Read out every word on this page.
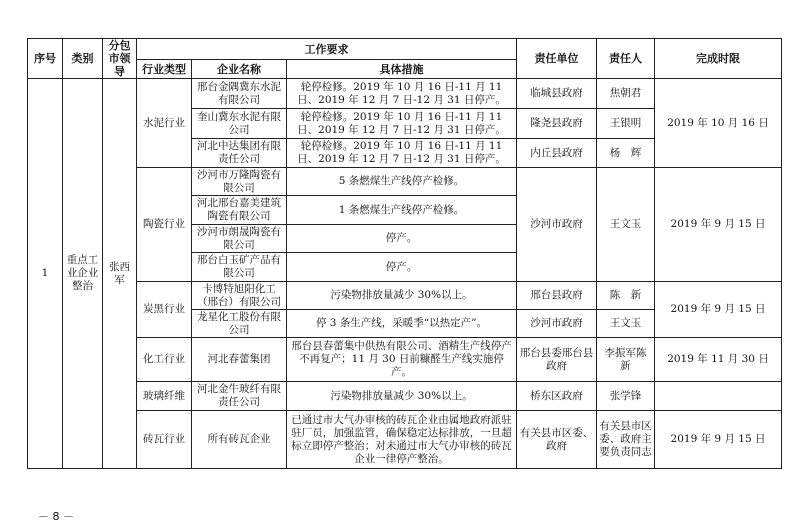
序号	类别	分包市领导	工作要求			责任单位	责任人	完成时限
			行业类型	企业名称	具体措施			
1	重点工业企业整治	张西军	水泥行业	邢台金隅冀东水泥有限公司	轮停检修。2019 年 10 月 16 日-11 月 11 日、2019 年 12 月 7 日-12 月 31 日停产。	临城县政府	焦朝君	2019 年 10 月 16 日
				奎山冀东水泥有限公司	轮停检修。2019 年 10 月 16 日-11 月 11 日、2019 年 12 月 7 日-12 月 31 日停产。	隆尧县政府	王银明	
				河北中达集团有限责任公司	轮停检修。2019 年 10 月 16 日-11 月 11 日、2019 年 12 月 7 日-12 月 31 日停产。	内丘县政府	杨　辉	
			陶瓷行业	沙河市万隆陶瓷有限公司	5 条燃煤生产线停产检修。	沙河市政府	王文玉	2019 年 9 月 15 日
				河北邢台嘉美建筑陶瓷有限公司	1 条燃煤生产线停产检修。			
				沙河市朗晟陶瓷有限公司	停产。			
				邢台白玉矿产品有限公司	停产。			
			炭黑行业	卡博特旭阳化工（邢台）有限公司	污染物排放量减少 30%以上。	邢台县政府	陈　新	2019 年 9 月 15 日
				龙星化工股份有限公司	停 3 条生产线，采暖季“以热定产”。	沙河市政府	王文玉	
			化工行业	河北春蕾集团	邢台县春蕾集中供热有限公司、酒精生产线停产不再复产；11 月 30 日前糠醛生产线实施停产。	邢台县委邢台县政府	李振军陈　新	2019 年 11 月 30 日
			玻璃纤维	河北金牛玻纤有限责任公司	污染物排放量减少 30%以上。	桥东区政府	张学锋	
			砖瓦行业	所有砖瓦企业	已通过市大气办审核的砖瓦企业由属地政府派驻驻厂员，加强监管，确保稳定达标排放，一旦超标立即停产整治；对未通过市大气办审核的砖瓦企业一律停产整治。	有关县市区委、政府	有关县市区委、政府主要负责同志	2019 年 9 月 15 日
－ 8 －
